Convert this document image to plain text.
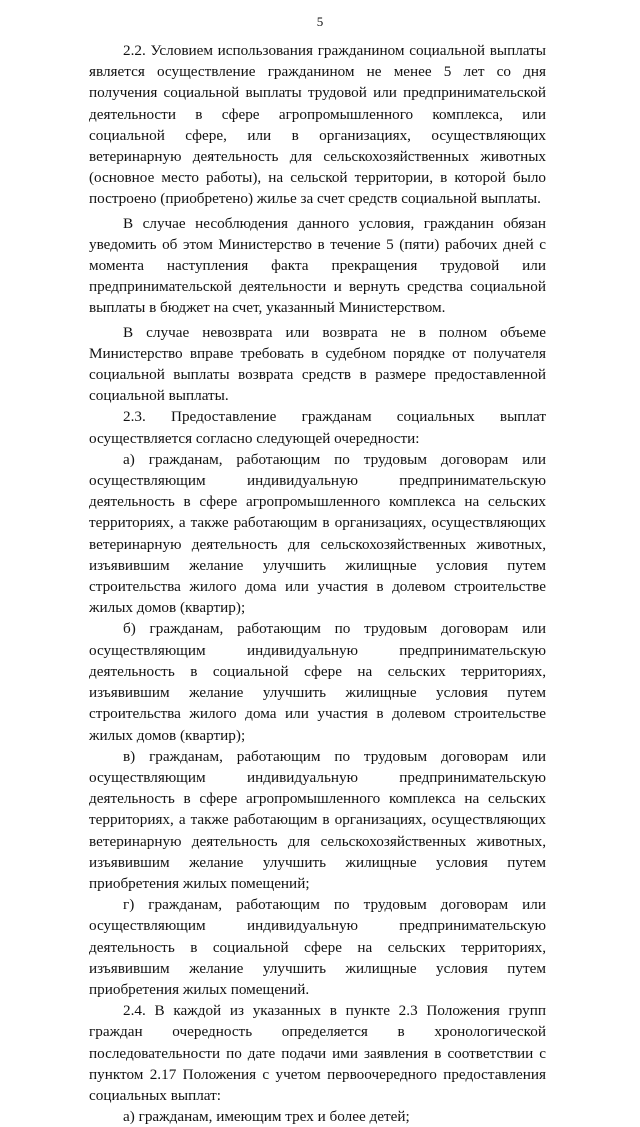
5

2.2. Условием использования гражданином социальной выплаты является осуществление гражданином не менее 5 лет со дня получения социальной выплаты трудовой или предпринимательской деятельности в сфере агропромышленного комплекса, или социальной сфере, или в организациях, осуществляющих ветеринарную деятельность для сельскохозяйственных животных (основное место работы), на сельской территории, в которой было построено (приобретено) жилье за счет средств социальной выплаты.

В случае несоблюдения данного условия, гражданин обязан уведомить об этом Министерство в течение 5 (пяти) рабочих дней с момента наступления факта прекращения трудовой или предпринимательской деятельности и вернуть средства социальной выплаты в бюджет на счет, указанный Министерством.

В случае невозврата или возврата не в полном объеме Министерство вправе требовать в судебном порядке от получателя социальной выплаты возврата средств в размере предоставленной социальной выплаты.

2.3. Предоставление гражданам социальных выплат осуществляется согласно следующей очередности:

а) гражданам, работающим по трудовым договорам или осуществляющим индивидуальную предпринимательскую деятельность в сфере агропромышленного комплекса на сельских территориях, а также работающим в организациях, осуществляющих ветеринарную деятельность для сельскохозяйственных животных, изъявившим желание улучшить жилищные условия путем строительства жилого дома или участия в долевом строительстве жилых домов (квартир);

б) гражданам, работающим по трудовым договорам или осуществляющим индивидуальную предпринимательскую деятельность в социальной сфере на сельских территориях, изъявившим желание улучшить жилищные условия путем строительства жилого дома или участия в долевом строительстве жилых домов (квартир);

в) гражданам, работающим по трудовым договорам или осуществляющим индивидуальную предпринимательскую деятельность в сфере агропромышленного комплекса на сельских территориях, а также работающим в организациях, осуществляющих ветеринарную деятельность для сельскохозяйственных животных, изъявившим желание улучшить жилищные условия путем приобретения жилых помещений;

г) гражданам, работающим по трудовым договорам или осуществляющим индивидуальную предпринимательскую деятельность в социальной сфере на сельских территориях, изъявившим желание улучшить жилищные условия путем приобретения жилых помещений.

2.4. В каждой из указанных в пункте 2.3 Положения групп граждан очередность определяется в хронологической последовательности по дате подачи ими заявления в соответствии с пунктом 2.17 Положения с учетом первоочередного предоставления социальных выплат:

а) гражданам, имеющим трех и более детей;
